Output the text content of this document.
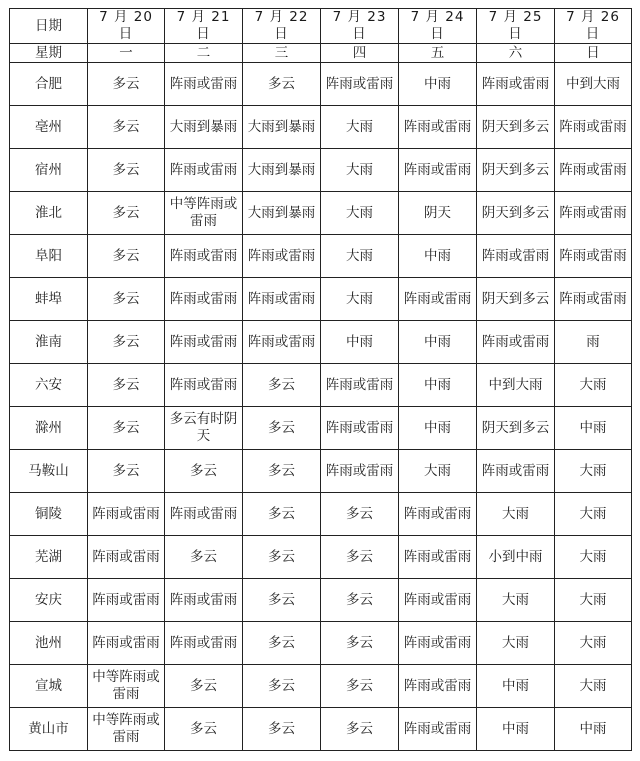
日期	7 月 20 日	7 月 21 日	7 月 22 日	7 月 23 日	7 月 24 日	7 月 25 日	7 月 26 日
星期	一	二	三	四	五	六	日
合肥	多云	阵雨或雷雨	多云	阵雨或雷雨	中雨	阵雨或雷雨	中到大雨
亳州	多云	大雨到暴雨	大雨到暴雨	大雨	阵雨或雷雨	阴天到多云	阵雨或雷雨
宿州	多云	阵雨或雷雨	大雨到暴雨	大雨	阵雨或雷雨	阴天到多云	阵雨或雷雨
淮北	多云	中等阵雨或雷雨	大雨到暴雨	大雨	阴天	阴天到多云	阵雨或雷雨
阜阳	多云	阵雨或雷雨	阵雨或雷雨	大雨	中雨	阵雨或雷雨	阵雨或雷雨
蚌埠	多云	阵雨或雷雨	阵雨或雷雨	大雨	阵雨或雷雨	阴天到多云	阵雨或雷雨
淮南	多云	阵雨或雷雨	阵雨或雷雨	中雨	中雨	阵雨或雷雨	雨
六安	多云	阵雨或雷雨	多云	阵雨或雷雨	中雨	中到大雨	大雨
滁州	多云	多云有时阴天	多云	阵雨或雷雨	中雨	阴天到多云	中雨
马鞍山	多云	多云	多云	阵雨或雷雨	大雨	阵雨或雷雨	大雨
铜陵	阵雨或雷雨	阵雨或雷雨	多云	多云	阵雨或雷雨	大雨	大雨
芜湖	阵雨或雷雨	多云	多云	多云	阵雨或雷雨	小到中雨	大雨
安庆	阵雨或雷雨	阵雨或雷雨	多云	多云	阵雨或雷雨	大雨	大雨
池州	阵雨或雷雨	阵雨或雷雨	多云	多云	阵雨或雷雨	大雨	大雨
宣城	中等阵雨或雷雨	多云	多云	多云	阵雨或雷雨	中雨	大雨
黄山市	中等阵雨或雷雨	多云	多云	多云	阵雨或雷雨	中雨	中雨
